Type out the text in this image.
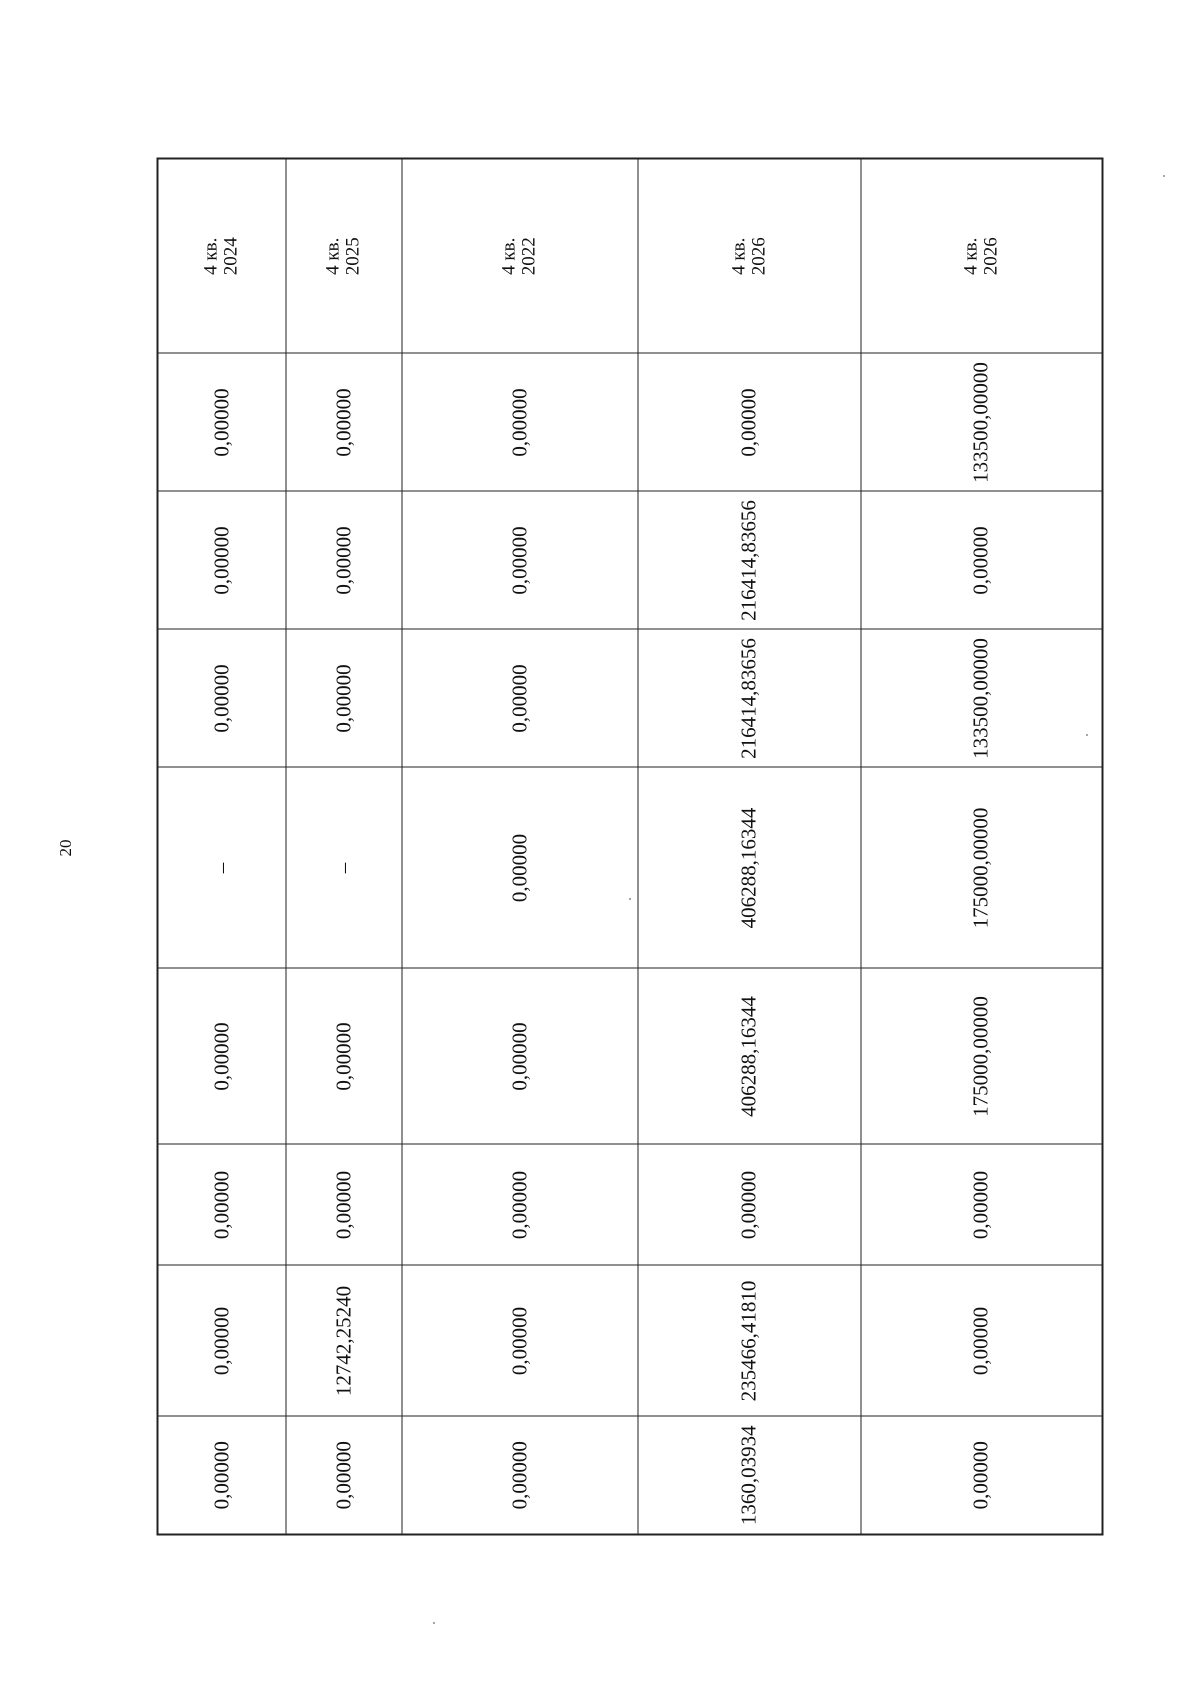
20
0,00000	0,00000	0,00000	0,00000	–	0,00000	0,00000	0,00000	4 кв. 2024

0,00000	12742,25240	0,00000	0,00000	–	0,00000	0,00000	0,00000	4 кв. 2025

0,00000	0,00000	0,00000	0,00000	0,00000	0,00000	0,00000	0,00000	4 кв. 2022

1360,03934	235466,41810	0,00000	406288,16344	406288,16344	216414,83656	216414,83656	0,00000	4 кв. 2026

0,00000	0,00000	0,00000	175000,00000	175000,00000	133500,00000	0,00000	133500,00000	4 кв. 2026
